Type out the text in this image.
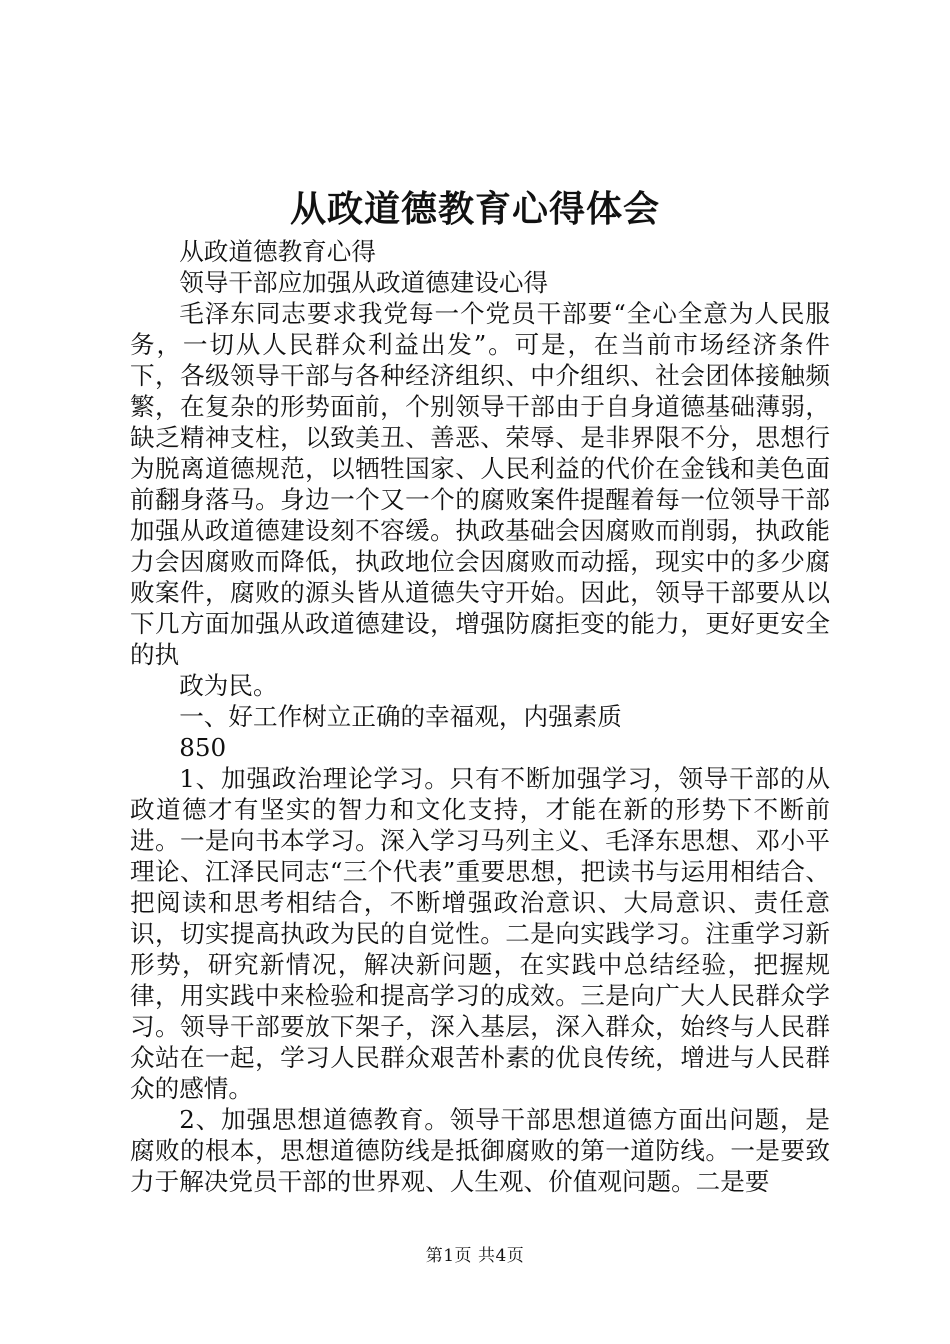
从政道德教育心得体会

从政道德教育心得

领导干部应加强从政道德建设心得

毛泽东同志要求我党每一个党员干部要“全心全意为人民服务，一切从人民群众利益出发”。可是，在当前市场经济条件下，各级领导干部与各种经济组织、中介组织、社会团体接触频繁，在复杂的形势面前，个别领导干部由于自身道德基础薄弱，缺乏精神支柱，以致美丑、善恶、荣辱、是非界限不分，思想行为脱离道德规范，以牺牲国家、人民利益的代价在金钱和美色面前翻身落马。身边一个又一个的腐败案件提醒着每一位领导干部加强从政道德建设刻不容缓。执政基础会因腐败而削弱，执政能力会因腐败而降低，执政地位会因腐败而动摇，现实中的多少腐败案件，腐败的源头皆从道德失守开始。因此，领导干部要从以下几方面加强从政道德建设，增强防腐拒变的能力，更好更安全的执

政为民。

一、好工作树立正确的幸福观，内强素质

850

1、加强政治理论学习。只有不断加强学习，领导干部的从政道德才有坚实的智力和文化支持，才能在新的形势下不断前进。一是向书本学习。深入学习马列主义、毛泽东思想、邓小平理论、江泽民同志“三个代表”重要思想，把读书与运用相结合、把阅读和思考相结合，不断增强政治意识、大局意识、责任意识，切实提高执政为民的自觉性。二是向实践学习。注重学习新形势，研究新情况，解决新问题，在实践中总结经验，把握规律，用实践中来检验和提高学习的成效。三是向广大人民群众学习。领导干部要放下架子，深入基层，深入群众，始终与人民群众站在一起，学习人民群众艰苦朴素的优良传统，增进与人民群众的感情。

2、加强思想道德教育。领导干部思想道德方面出问题，是腐败的根本，思想道德防线是抵御腐败的第一道防线。一是要致力于解决党员干部的世界观、人生观、价值观问题。二是要

第1页 共4页
